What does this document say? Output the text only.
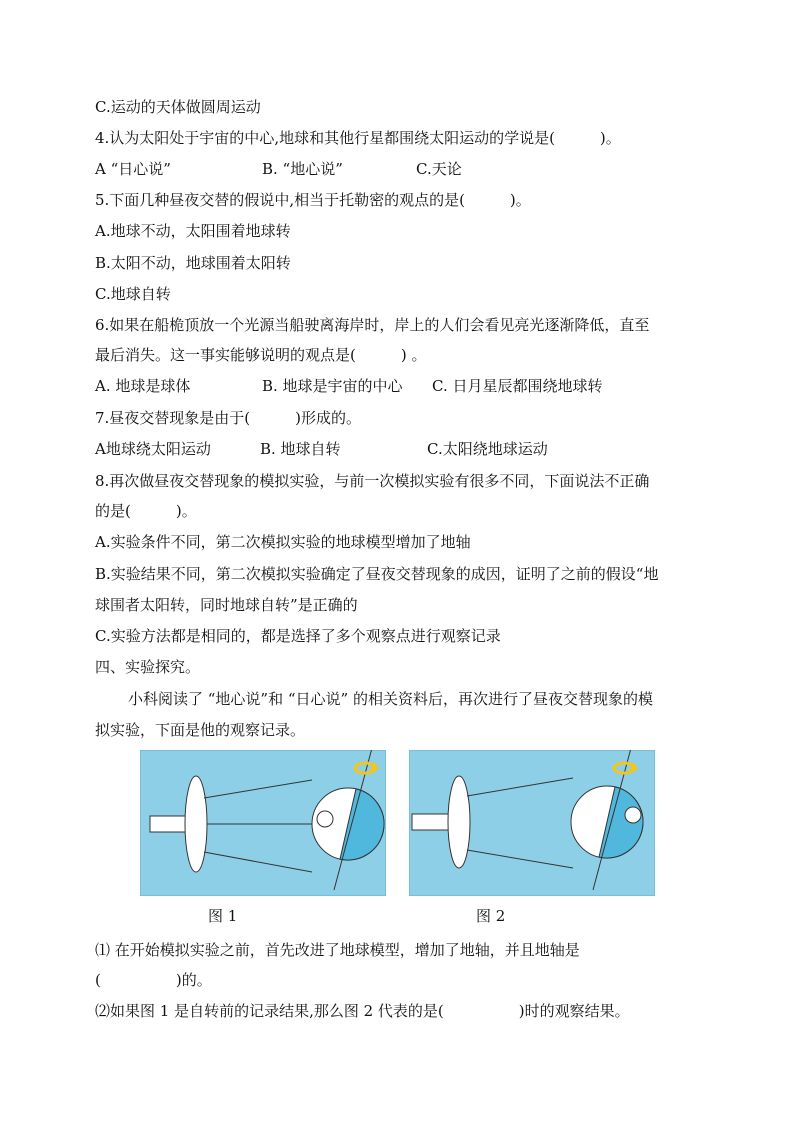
C.运动的天体做圆周运动
4.认为太阳处于宇宙的中心,地球和其他行星都围绕太阳运动的学说是(　　　)。
A “日心说”	B. “地心说”	C.天论
5.下面几种昼夜交替的假说中,相当于托勒密的观点的是(　　　)。
A.地球不动，太阳围着地球转
B.太阳不动，地球围着太阳转
C.地球自转
6.如果在船桅顶放一个光源当船驶离海岸时，岸上的人们会看见亮光逐渐降低，直至
最后消失。这一事实能够说明的观点是(　　　) 。
A. 地球是球体	B. 地球是宇宙的中心 C. 日月星辰都围绕地球转
7.昼夜交替现象是由于(　　　)形成的。
A地球绕太阳运动	B. 地球自转	C.太阳绕地球运动
8.再次做昼夜交替现象的模拟实验，与前一次模拟实验有很多不同，下面说法不正确
的是(　　　)。
A.实验条件不同，第二次模拟实验的地球模型增加了地轴
B.实验结果不同，第二次模拟实验确定了昼夜交替现象的成因，证明了之前的假设“地
球围者太阳转，同时地球自转”是正确的
C.实验方法都是相同的，都是选择了多个观察点进行观察记录
四、实验探究。
小科阅读了 “地心说”和 “日心说” 的相关资料后，再次进行了昼夜交替现象的模
拟实验，下面是他的观察记录。
图 1	图 2
⑴ 在开始模拟实验之前，首先改进了地球模型，增加了地轴，并且地轴是
(　　　　　)的。
⑵如果图 1 是自转前的记录结果,那么图 2 代表的是(　　　　　)时的观察结果。
